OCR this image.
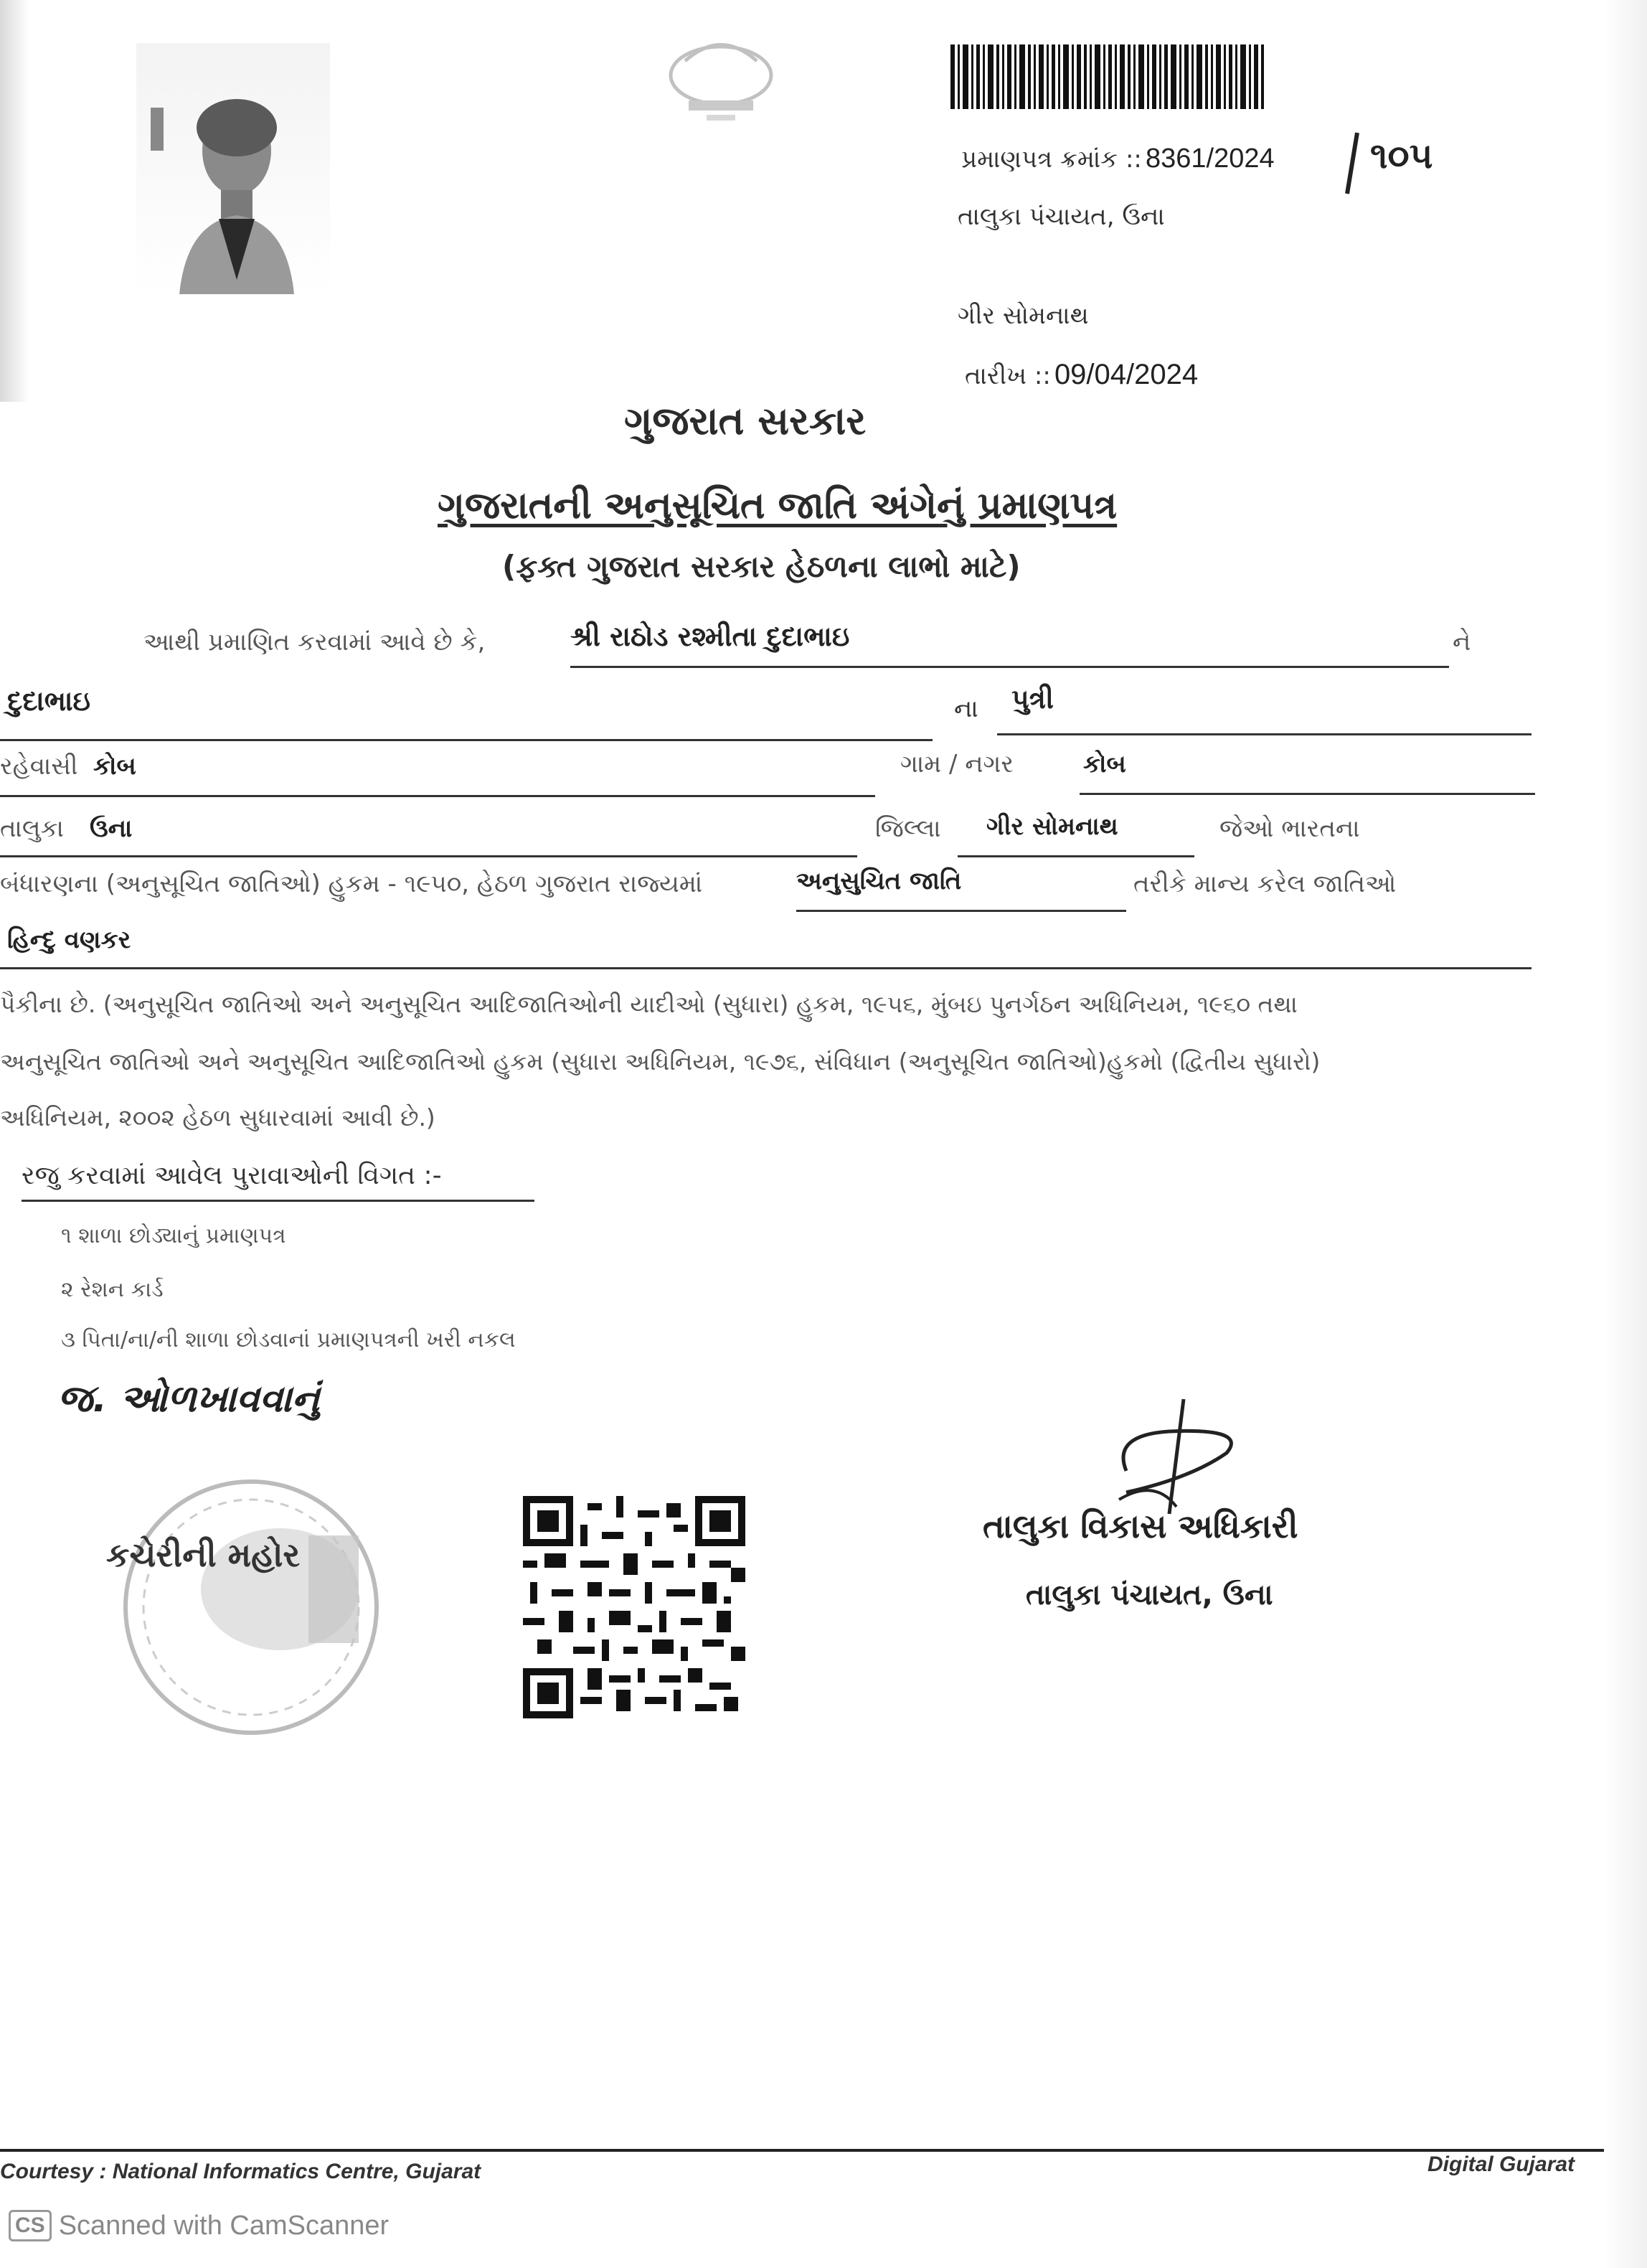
પ્રમાણપત્ર ક્રમાંક :: 8361/2024	૧૦૫
તાલુકા પંચાયત, ઉના
ગીર સોમનાથ
તારીખ :: 09/04/2024
ગુજરાત સરકાર
ગુજરાતની અનુસૂચિત જાતિ અંગેનું પ્રમાણપત્ર
(ફક્ત ગુજરાત સરકાર હેઠળના લાભો માટે)
આથી પ્રમાણિત કરવામાં આવે છે કે,	શ્રી રાઠોડ રશ્મીતા દુદાભાઇ	ને
દુદાભાઇ	ના પુત્રી
રહેવાસી કોબ	ગામ / નગર	કોબ
તાલુકા ઉના	જિલ્લા ગીર સોમનાથ	જેઓ ભારતના
બંધારણના (અનુસૂચિત જાતિઓ) હુકમ - ૧૯૫૦, હેઠળ ગુજરાત રાજ્યમાં	અનુસુચિત જાતિ	તરીકે માન્ય કરેલ જાતિઓ
હિન્દુ વણકર
પૈકીના છે. (અનુસૂચિત જાતિઓ અને અનુસૂચિત આદિજાતિઓની યાદીઓ (સુધારા) હુકમ, ૧૯૫૬, મુંબઇ પુનર્ગઠન અધિનિયમ, ૧૯૬૦ તથા
અનુસૂચિત જાતિઓ અને અનુસૂચિત આદિજાતિઓ હુકમ (સુધારા અધિનિયમ, ૧૯૭૬, સંવિધાન (અનુસૂચિત જાતિઓ)હુકમો (દ્વિતીય સુધારો)
અધિનિયમ, ૨૦૦૨ હેઠળ સુધારવામાં આવી છે.)
રજુ કરવામાં આવેલ પુરાવાઓની વિગત :-
૧ શાળા છોડ્યાનું પ્રમાણપત્ર
૨ રેશન કાર્ડ
૩ પિતા/ના/ની શાળા છોડવાનાં પ્રમાણપત્રની ખરી નકલ
જ. ઓળખાવવાનું
કચેરીની મહોર
તાલુકા વિકાસ અધિકારી
તાલુકા પંચાયત, ઉના
Courtesy : National Informatics Centre, Gujarat	Digital Gujarat
CS Scanned with CamScanner
